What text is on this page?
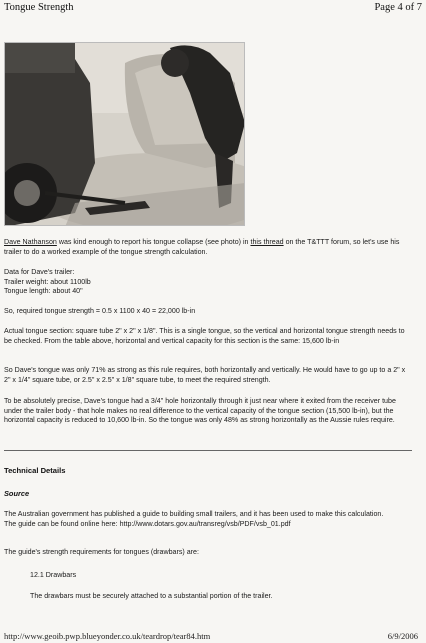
Tongue Strength	Page 4 of 7

Dave Nathanson was kind enough to report his tongue collapse (see photo) in this thread on the T&TTT forum, so let's use his trailer to do a worked example of the tongue strength calculation.

Data for Dave's trailer:

Trailer weight: about 1100lb

Tongue length: about 40"

So, required tongue strength = 0.5 x 1100 x 40 = 22,000 lb-in

Actual tongue section: square tube 2" x 2" x 1/8". This is a single tongue, so the vertical and horizontal tongue strength needs to be checked. From the table above, horizontal and vertical capacity for this section is the same: 15,600 lb-in

So Dave's tongue was only 71% as strong as this rule requires, both horizontally and vertically. He would have to go up to a 2" x 2" x 1/4" square tube, or 2.5" x 2.5" x 1/8" square tube, to meet the required strength.

To be absolutely precise, Dave's tongue had a 3/4" hole horizontally through it just near where it exited from the receiver tube under the trailer body - that hole makes no real difference to the vertical capacity of the tongue section (15,500 lb-in), but the horizontal capacity is reduced to 10,600 lb-in. So the tongue was only 48% as strong horizontally as the Aussie rules require.

Technical Details
Source

The Australian government has published a guide to building small trailers, and it has been used to make this calculation.

The guide can be found online here: http://www.dotars.gov.au/transreg/vsb/PDF/vsb_01.pdf

The guide's strength requirements for tongues (drawbars) are:

12.1 Drawbars

The drawbars must be securely attached to a substantial portion of the trailer.

http://www.geoib.pwp.blueyonder.co.uk/teardrop/tear84.htm	6/9/2006
